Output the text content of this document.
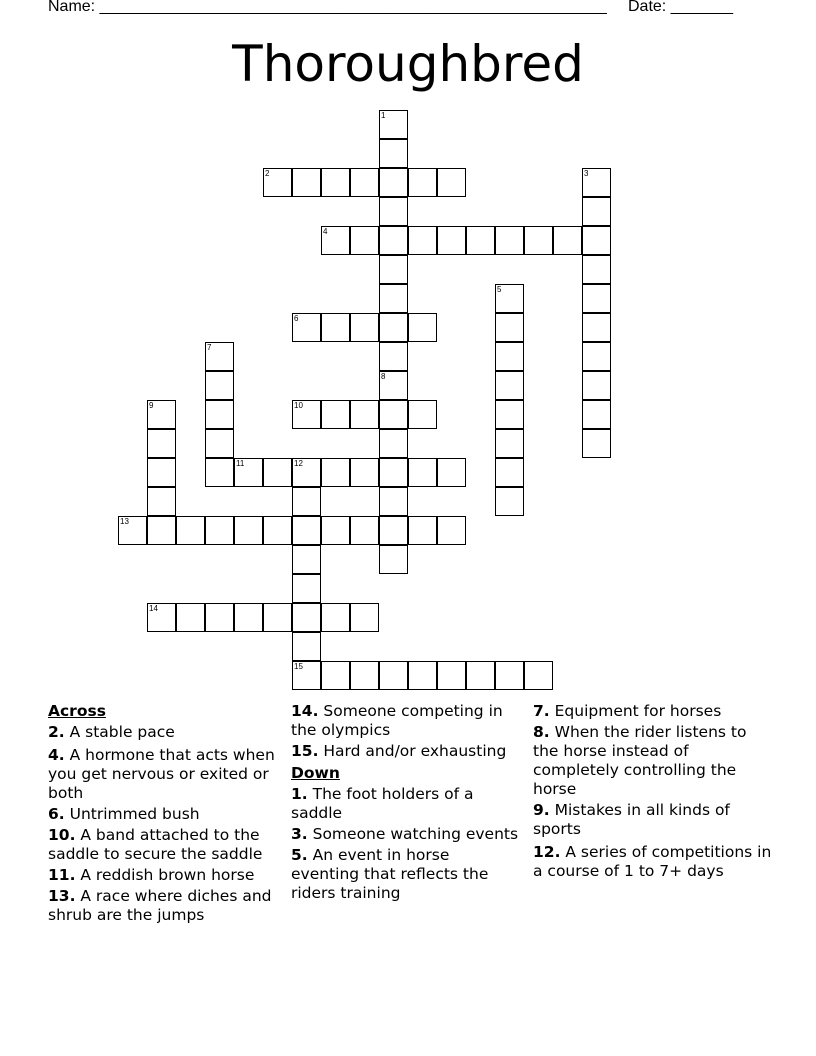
Name: _________________________________________________________ Date: _______
Thoroughbred
1
2	3
4
5
6
7
8
9	10
11	12
15
13
14
Across
2. A stable pace
4. A hormone that acts when you get nervous or exited or both
6. Untrimmed bush
10. A band attached to the saddle to secure the saddle
11. A reddish brown horse
13. A race where diches and shrub are the jumps
14. Someone competing in the olympics
15. Hard and/or exhausting
Down
1. The foot holders of a saddle
3. Someone watching events
5. An event in horse eventing that reflects the riders training
7. Equipment for horses
8. When the rider listens to the horse instead of completely controlling the horse
9. Mistakes in all kinds of sports
12. A series of competitions in a course of 1 to 7+ days
